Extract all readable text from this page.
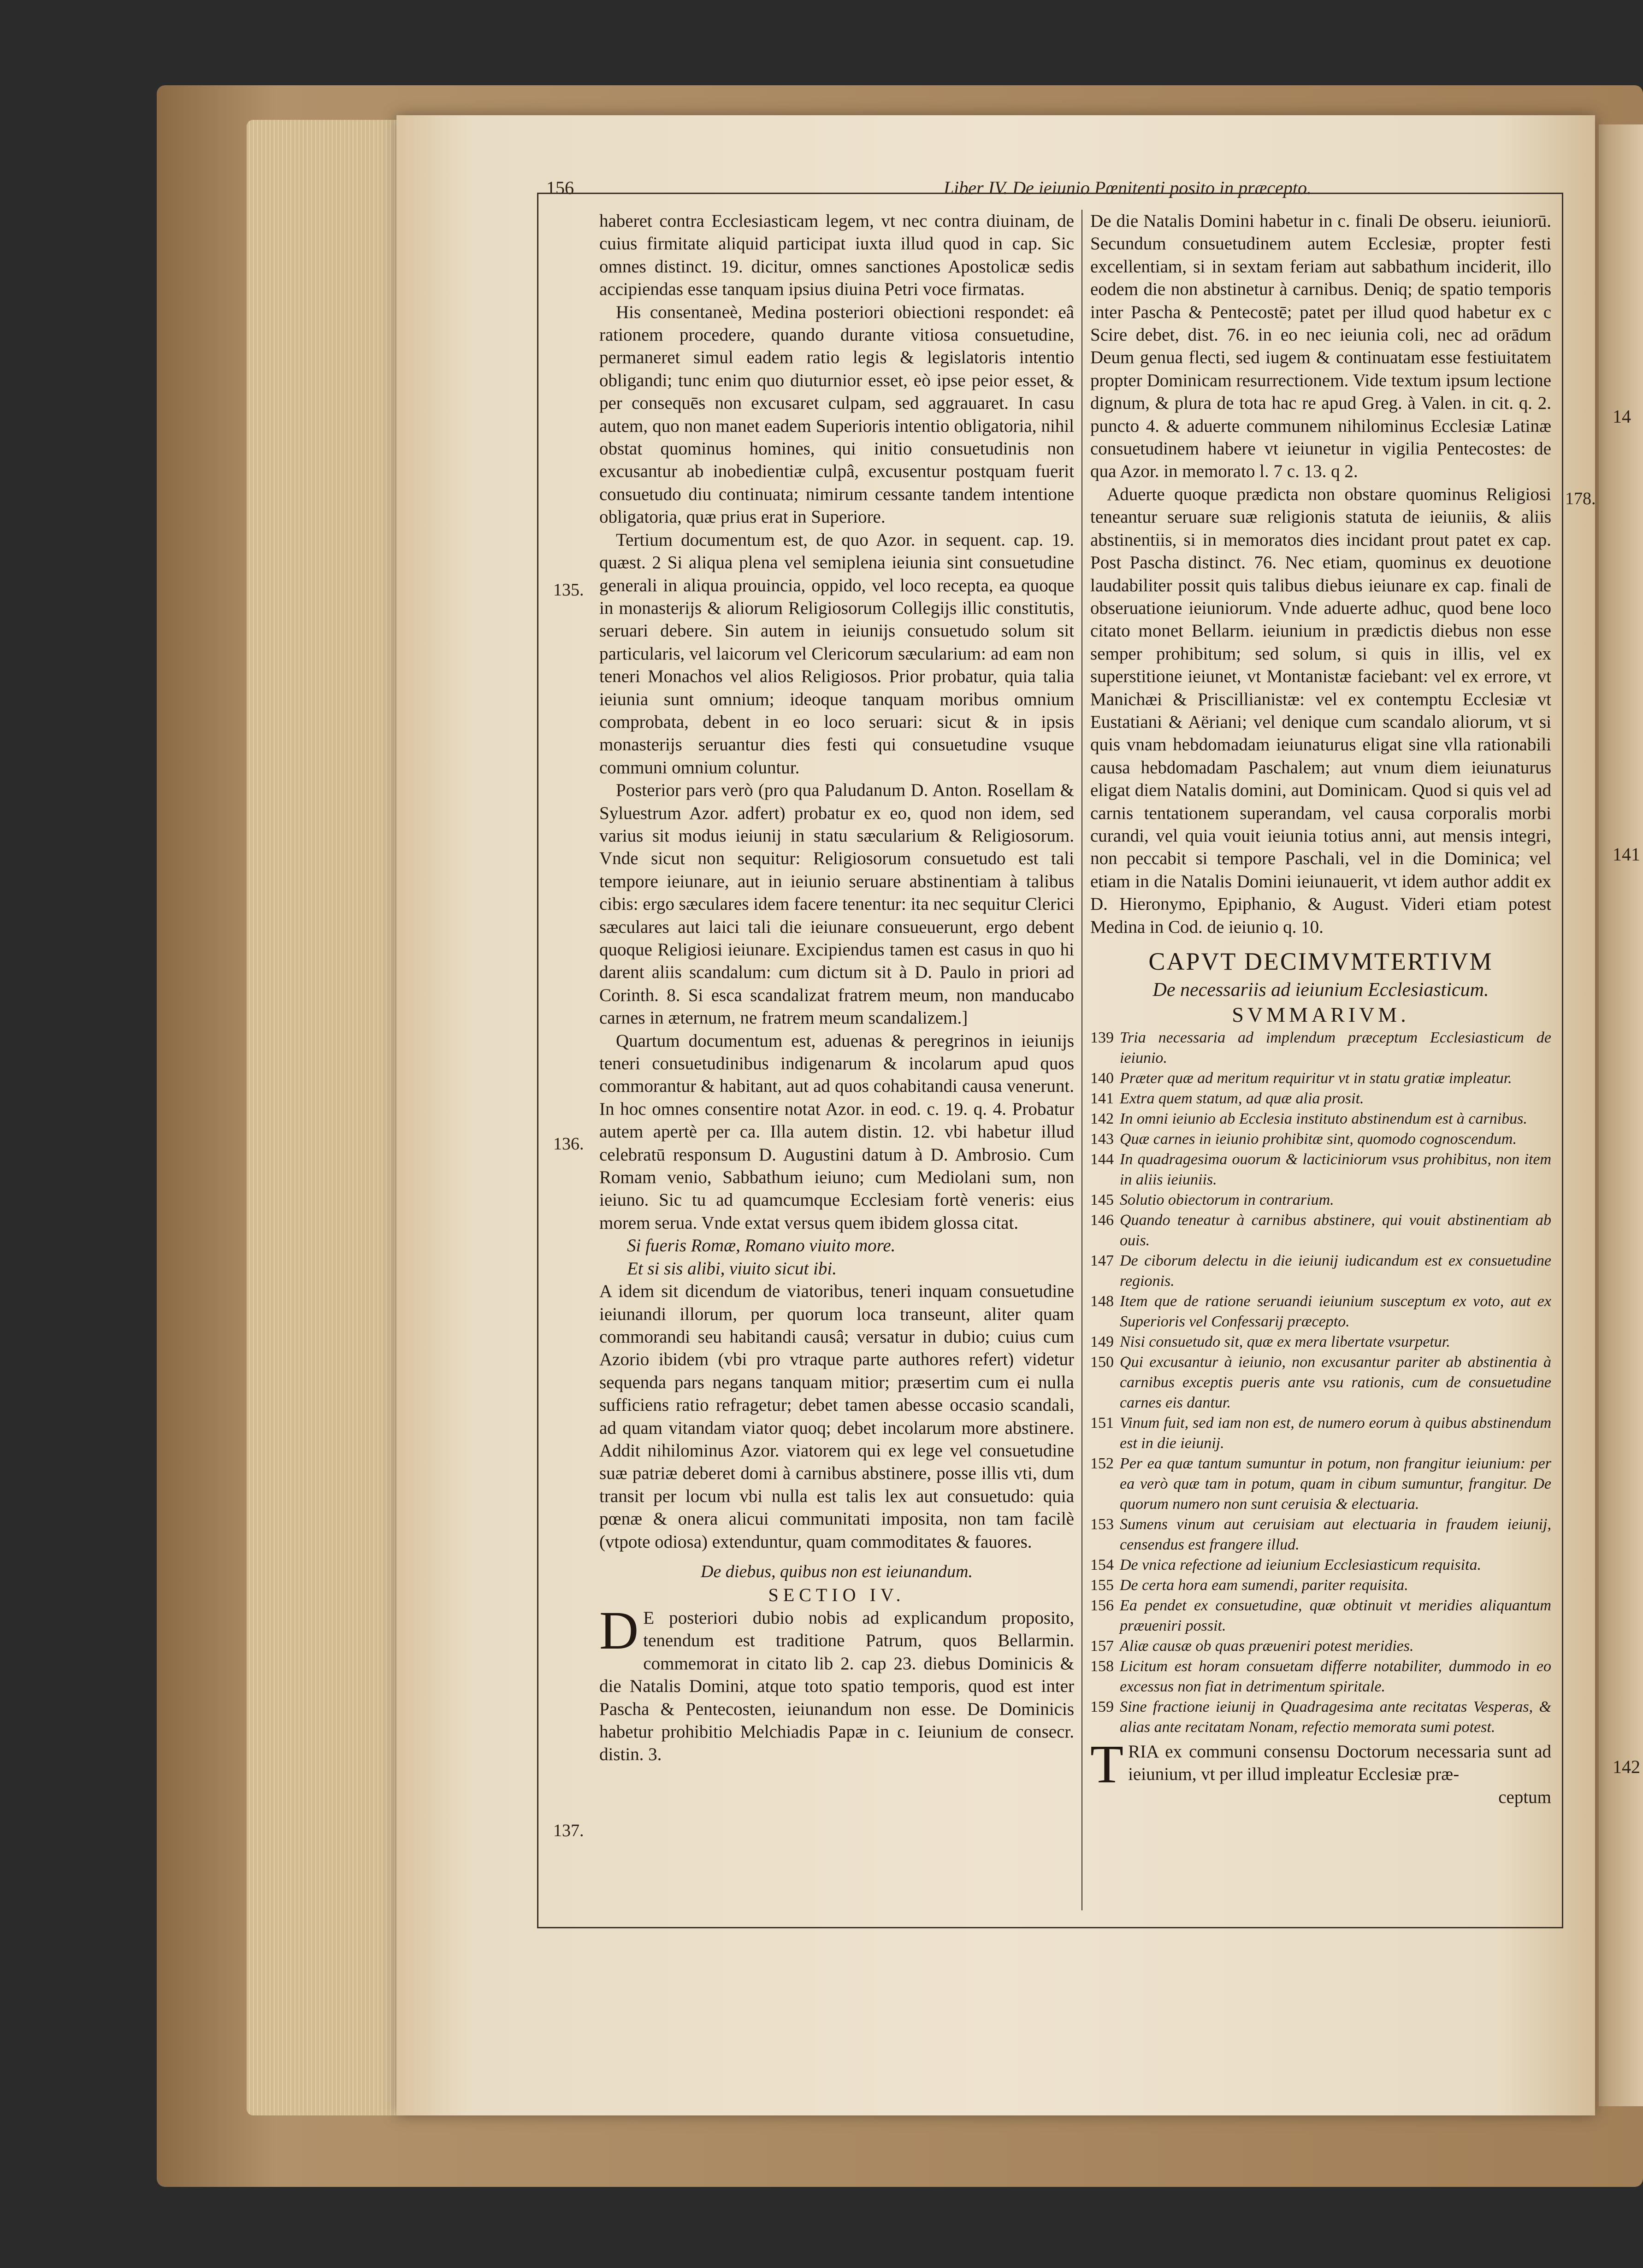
14
141
142
156	Liber IV. De ieiunio Pœnitenti posito in præcepto.
135.
136.
137.
178.

haberet contra Ecclesiasticam legem, vt nec contra diuinam, de cuius firmitate aliquid participat iuxta illud quod in cap. Sic omnes distinct. 19. dicitur, omnes sanctiones Apostolicæ sedis accipiendas esse tanquam ipsius diuina Petri voce firmatas.

His consentaneè, Medina posteriori obiectioni respondet: eâ rationem procedere, quando durante vitiosa consuetudine, permaneret simul eadem ratio legis & legislatoris intentio obligandi; tunc enim quo diuturnior esset, eò ipse peior esset, & per consequēs non excusaret culpam, sed aggrauaret. In casu autem, quo non manet eadem Superioris intentio obligatoria, nihil obstat quominus homines, qui initio consuetudinis non excusantur ab inobedientiæ culpâ, excusentur postquam fuerit consuetudo diu continuata; nimirum cessante tandem intentione obligatoria, quæ prius erat in Superiore.

Tertium documentum est, de quo Azor. in sequent. cap. 19. quæst. 2 Si aliqua plena vel semiplena ieiunia sint consuetudine generali in aliqua prouincia, oppido, vel loco recepta, ea quoque in monasterijs & aliorum Religiosorum Collegijs illic constitutis, seruari debere. Sin autem in ieiunijs consuetudo solum sit particularis, vel laicorum vel Clericorum sæcularium: ad eam non teneri Monachos vel alios Religiosos. Prior probatur, quia talia ieiunia sunt omnium; ideoque tanquam moribus omnium comprobata, debent in eo loco seruari: sicut & in ipsis monasterijs seruantur dies festi qui consuetudine vsuque communi omnium coluntur.

Posterior pars verò (pro qua Paludanum D. Anton. Rosellam & Syluestrum Azor. adfert) probatur ex eo, quod non idem, sed varius sit modus ieiunij in statu sæcularium & Religiosorum. Vnde sicut non sequitur: Religiosorum consuetudo est tali tempore ieiunare, aut in ieiunio seruare abstinentiam à talibus cibis: ergo sæculares idem facere tenentur: ita nec sequitur Clerici sæculares aut laici tali die ieiunare consueuerunt, ergo debent quoque Religiosi ieiunare. Excipiendus tamen est casus in quo hi darent aliis scandalum: cum dictum sit à D. Paulo in priori ad Corinth. 8. Si esca scandalizat fratrem meum, non manducabo carnes in æternum, ne fratrem meum scandalizem.]

Quartum documentum est, aduenas & peregrinos in ieiunijs teneri consuetudinibus indigenarum & incolarum apud quos commorantur & habitant, aut ad quos cohabitandi causa venerunt. In hoc omnes consentire notat Azor. in eod. c. 19. q. 4. Probatur autem apertè per ca. Illa autem distin. 12. vbi habetur illud celebratū responsum D. Augustini datum à D. Ambrosio. Cum Romam venio, Sabbathum ieiuno; cum Mediolani sum, non ieiuno. Sic tu ad quamcumque Ecclesiam fortè veneris: eius morem serua. Vnde extat versus quem ibidem glossa citat.

Si fueris Romæ, Romano viuito more.

Et si sis alibi, viuito sicut ibi.

A idem sit dicendum de viatoribus, teneri inquam consuetudine ieiunandi illorum, per quorum loca transeunt, aliter quam commorandi seu habitandi causâ; versatur in dubio; cuius cum Azorio ibidem (vbi pro vtraque parte authores refert) videtur sequenda pars negans tanquam mitior; præsertim cum ei nulla sufficiens ratio refragetur; debet tamen abesse occasio scandali, ad quam vitandam viator quoq; debet incolarum more abstinere. Addit nihilominus Azor. viatorem qui ex lege vel consuetudine suæ patriæ deberet domi à carnibus abstinere, posse illis vti, dum transit per locum vbi nulla est talis lex aut consuetudo: quia pœnæ & onera alicui communitati imposita, non tam facilè (vtpote odiosa) extenduntur, quam commoditates & fauores.

De diebus, quibus non est ieiunandum.

SECTIO IV.

D E posteriori dubio nobis ad explicandum proposito, tenendum est traditione Patrum, quos Bellarmin. commemorat in citato lib 2. cap 23. diebus Dominicis & die Natalis Domini, atque toto spatio temporis, quod est inter Pascha & Pentecosten, ieiunandum non esse. De Dominicis habetur prohibitio Melchiadis Papæ in c. Ieiunium de consecr. distin. 3.

De die Natalis Domini habetur in c. finali De obseru. ieiuniorū. Secundum consuetudinem autem Ecclesiæ, propter festi excellentiam, si in sextam feriam aut sabbathum inciderit, illo eodem die non abstinetur à carnibus. Deniq; de spatio temporis inter Pascha & Pentecostē; patet per illud quod habetur ex c Scire debet, dist. 76. in eo nec ieiunia coli, nec ad orādum Deum genua flecti, sed iugem & continuatam esse festiuitatem propter Dominicam resurrectionem. Vide textum ipsum lectione dignum, & plura de tota hac re apud Greg. à Valen. in cit. q. 2. puncto 4. & aduerte communem nihilominus Ecclesiæ Latinæ consuetudinem habere vt ieiunetur in vigilia Pentecostes: de qua Azor. in memorato l. 7 c. 13. q 2.

Aduerte quoque prædicta non obstare quominus Religiosi teneantur seruare suæ religionis statuta de ieiuniis, & aliis abstinentiis, si in memoratos dies incidant prout patet ex cap. Post Pascha distinct. 76. Nec etiam, quominus ex deuotione laudabiliter possit quis talibus diebus ieiunare ex cap. finali de obseruatione ieiuniorum. Vnde aduerte adhuc, quod bene loco citato monet Bellarm. ieiunium in prædictis diebus non esse semper prohibitum; sed solum, si quis in illis, vel ex superstitione ieiunet, vt Montanistæ faciebant: vel ex errore, vt Manichæi & Priscillianistæ: vel ex contemptu Ecclesiæ vt Eustatiani & Aëriani; vel denique cum scandalo aliorum, vt si quis vnam hebdomadam ieiunaturus eligat sine vlla rationabili causa hebdomadam Paschalem; aut vnum diem ieiunaturus eligat diem Natalis domini, aut Dominicam. Quod si quis vel ad carnis tentationem superandam, vel causa corporalis morbi curandi, vel quia vouit ieiunia totius anni, aut mensis integri, non peccabit si tempore Paschali, vel in die Dominica; vel etiam in die Natalis Domini ieiunauerit, vt idem author addit ex D. Hieronymo, Epiphanio, & August. Videri etiam potest Medina in Cod. de ieiunio q. 10.

CAPVT DECIMVMTERTIVM

De necessariis ad ieiunium Ecclesiasticum.

SVMMARIVM.

139 Tria necessaria ad implendum præceptum Ecclesiasticum de ieiunio.

140 Præter quæ ad meritum requiritur vt in statu gratiæ impleatur.

141 Extra quem statum, ad quæ alia prosit.

142 In omni ieiunio ab Ecclesia instituto abstinendum est à carnibus.

143 Quæ carnes in ieiunio prohibitæ sint, quomodo cognoscendum.

144 In quadragesima ouorum & lacticiniorum vsus prohibitus, non item in aliis ieiuniis.

145 Solutio obiectorum in contrarium.

146 Quando teneatur à carnibus abstinere, qui vouit abstinentiam ab ouis.

147 De ciborum delectu in die ieiunij iudicandum est ex consuetudine regionis.

148 Item que de ratione seruandi ieiunium susceptum ex voto, aut ex Superioris vel Confessarij præcepto.

149 Nisi consuetudo sit, quæ ex mera libertate vsurpetur.

150 Qui excusantur à ieiunio, non excusantur pariter ab abstinentia à carnibus exceptis pueris ante vsu rationis, cum de consuetudine carnes eis dantur.

151 Vinum fuit, sed iam non est, de numero eorum à quibus abstinendum est in die ieiunij.

152 Per ea quæ tantum sumuntur in potum, non frangitur ieiunium: per ea verò quæ tam in potum, quam in cibum sumuntur, frangitur. De quorum numero non sunt ceruisia & electuaria.

153 Sumens vinum aut ceruisiam aut electuaria in fraudem ieiunij, censendus est frangere illud.

154 De vnica refectione ad ieiunium Ecclesiasticum requisita.

155 De certa hora eam sumendi, pariter requisita.

156 Ea pendet ex consuetudine, quæ obtinuit vt meridies aliquantum præueniri possit.

157 Aliæ causæ ob quas præueniri potest meridies.

158 Licitum est horam consuetam differre notabiliter, dummodo in eo excessus non fiat in detrimentum spiritale.

159 Sine fractione ieiunij in Quadragesima ante recitatas Vesperas, & alias ante recitatam Nonam, refectio memorata sumi potest.

T RIA ex communi consensu Doctorum necessaria sunt ad ieiunium, vt per illud impleatur Ecclesiæ præ-

ceptum
